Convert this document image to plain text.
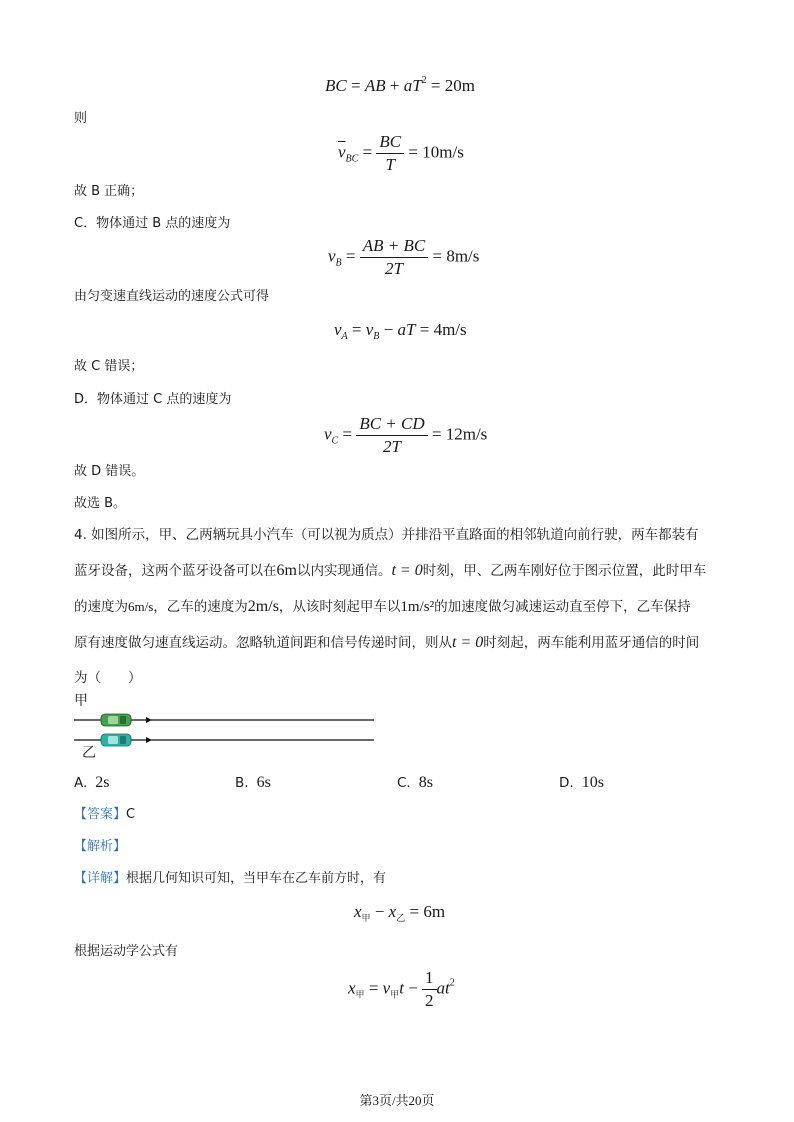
BC = AB + $aT^2 = 20m$
则
$\overline{v}_{BC} = \frac{BC}{T} = 10m/s$
故 B 正确；
C．物体通过 B 点的速度为
$v_B = \frac{AB + BC}{2T} = 8m/s$
由匀变速直线运动的速度公式可得
$v_A = v_B$ − aT = 4m/s
故 C 错误；
D．物体通过 C 点的速度为
$v_C = \frac{BC + CD}{2T} = 12m/s$
故 D 错误。
故选 B。
4. 如图所示，甲、乙两辆玩具小汽车（可以视为质点）并排沿平直路面的相邻轨道向前行驶，两车都装有
蓝牙设备，这两个蓝牙设备可以在6m以内实现通信。t = 0时刻，甲、乙两车刚好位于图示位置，此时甲车
的速度为6m/s，乙车的速度为2m/s，从该时刻起甲车以1m/s²的加速度做匀减速运动直至停下，乙车保持
原有速度做匀速直线运动。忽略轨道间距和信号传递时间，则从t = 0时刻起，两车能利用蓝牙通信的时间
为（　　）
甲
乙
A. 2s	B. 6s	C. 8s	D. 10s
【答案】C
【解析】
【详解】根据几何知识可知，当甲车在乙车前方时，有
$x_甲 - x_乙 = 6m$
根据运动学公式有
$x_甲 = v_甲t - \frac{1}{2} at^2$
第3页/共20页
